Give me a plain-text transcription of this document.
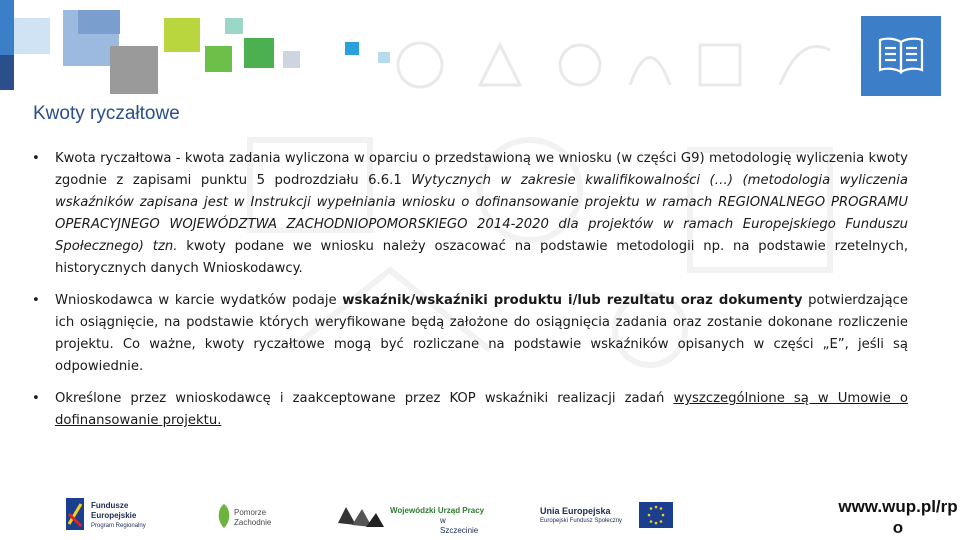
Kwoty ryczałtowe
• Kwota ryczałtowa - kwota zadania wyliczona w oparciu o przedstawioną we wniosku (w części G9) metodologię wyliczenia kwoty zgodnie z zapisami punktu 5 podrozdziału 6.6.1 Wytycznych w zakresie kwalifikowalności (…) (metodologia wyliczenia wskaźników zapisana jest w Instrukcji wypełniania wniosku o dofinansowanie projektu w ramach REGIONALNEGO PROGRAMU OPERACYJNEGO WOJEWÓDZTWA ZACHODNIOPOMORSKIEGO 2014-2020 dla projektów w ramach Europejskiego Funduszu Społecznego) tzn. kwoty podane we wniosku należy oszacować na podstawie metodologii np. na podstawie rzetelnych, historycznych danych Wnioskodawcy.
• Wnioskodawca w karcie wydatków podaje wskaźnik/wskaźniki produktu i/lub rezultatu oraz dokumenty potwierdzające ich osiągnięcie, na podstawie których weryfikowane będą założone do osiągnięcia zadania oraz zostanie dokonane rozliczenie projektu. Co ważne, kwoty ryczałtowe mogą być rozliczane na podstawie wskaźników opisanych w części „E”, jeśli są odpowiednie.
• Określone przez wnioskodawcę i zaakceptowane przez KOP wskaźniki realizacji zadań wyszczególnione są w Umowie o dofinansowanie projektu.
Fundusze
Europejskie
Program Regionalny
Pomorze
Zachodnie
Wojewódzki Urząd Pracy
w Szczecinie
Unia Europejska
Europejski Fundusz Społeczny
www.wup.pl/rpo
